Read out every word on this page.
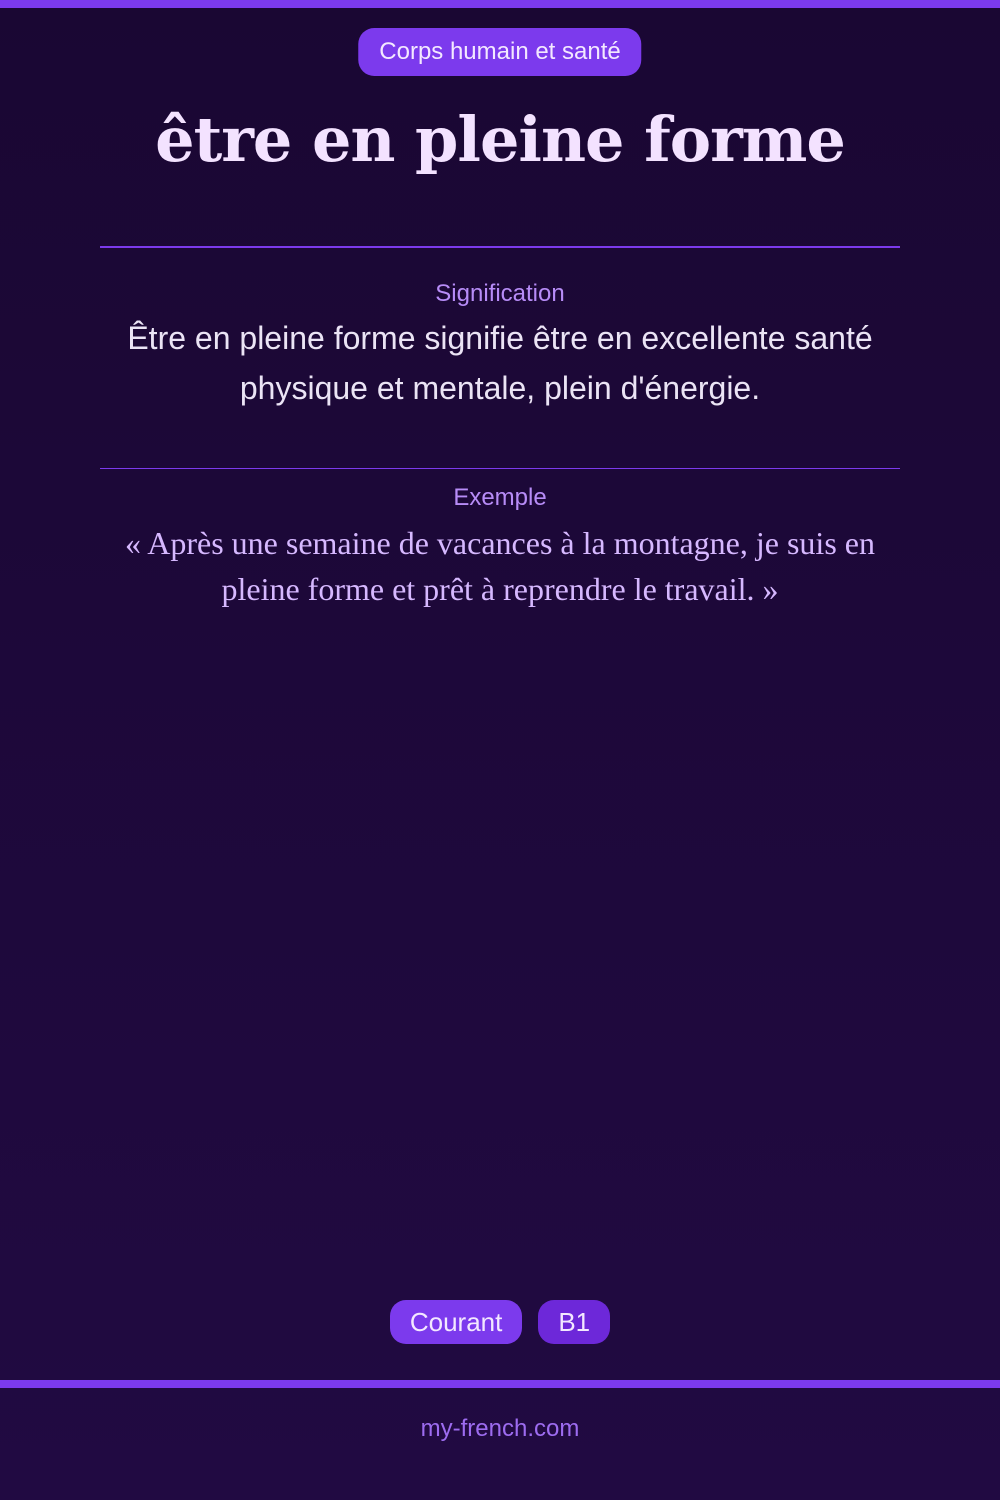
Corps humain et santé
être en pleine forme
Signification
Être en pleine forme signifie être en excellente santé physique et mentale, plein d'énergie.
Exemple
« Après une semaine de vacances à la montagne, je suis en pleine forme et prêt à reprendre le travail. »
Courant	B1
my-french.com
